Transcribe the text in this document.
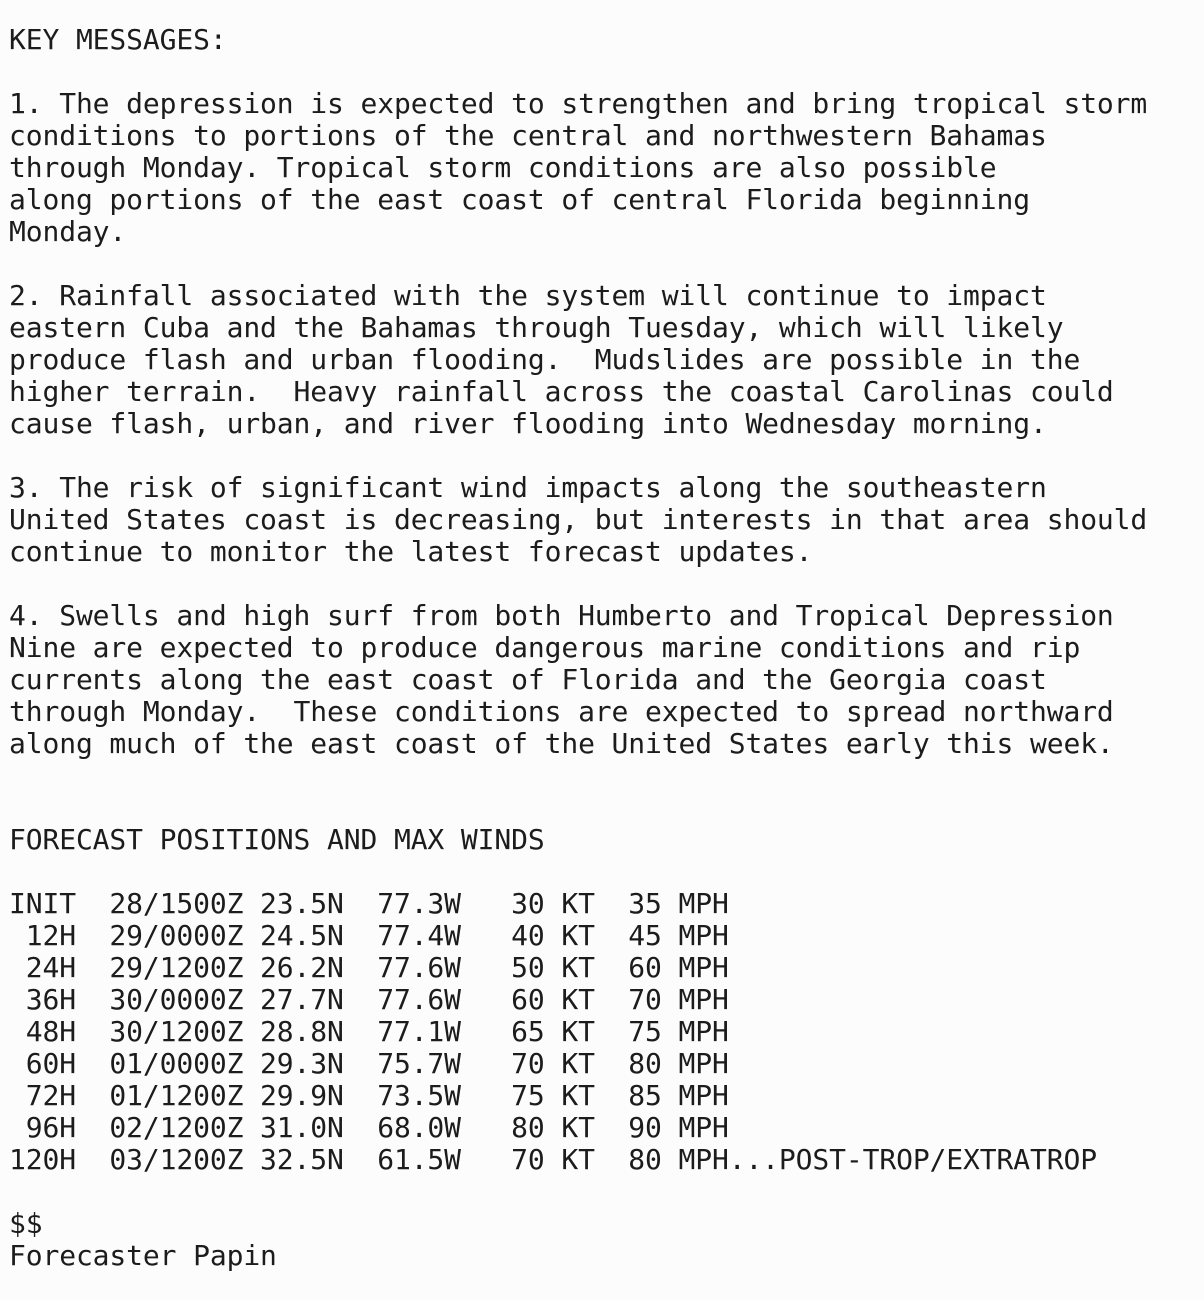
KEY MESSAGES:
1. The depression is expected to strengthen and bring tropical storm
conditions to portions of the central and northwestern Bahamas
through Monday. Tropical storm conditions are also possible
along portions of the east coast of central Florida beginning
Monday.
2. Rainfall associated with the system will continue to impact
eastern Cuba and the Bahamas through Tuesday, which will likely
produce flash and urban flooding.  Mudslides are possible in the
higher terrain.  Heavy rainfall across the coastal Carolinas could
cause flash, urban, and river flooding into Wednesday morning.
3. The risk of significant wind impacts along the southeastern
United States coast is decreasing, but interests in that area should
continue to monitor the latest forecast updates.
4. Swells and high surf from both Humberto and Tropical Depression
Nine are expected to produce dangerous marine conditions and rip
currents along the east coast of Florida and the Georgia coast
through Monday.  These conditions are expected to spread northward
along much of the east coast of the United States early this week.
FORECAST POSITIONS AND MAX WINDS
INIT  28/1500Z 23.5N  77.3W   30 KT  35 MPH
12H  29/0000Z 24.5N  77.4W   40 KT  45 MPH
24H  29/1200Z 26.2N  77.6W   50 KT  60 MPH
36H  30/0000Z 27.7N  77.6W   60 KT  70 MPH
48H  30/1200Z 28.8N  77.1W   65 KT  75 MPH
60H  01/0000Z 29.3N  75.7W   70 KT  80 MPH
72H  01/1200Z 29.9N  73.5W   75 KT  85 MPH
96H  02/1200Z 31.0N  68.0W   80 KT  90 MPH
120H  03/1200Z 32.5N  61.5W   70 KT  80 MPH...POST-TROP/EXTRATROP
$$
Forecaster Papin
